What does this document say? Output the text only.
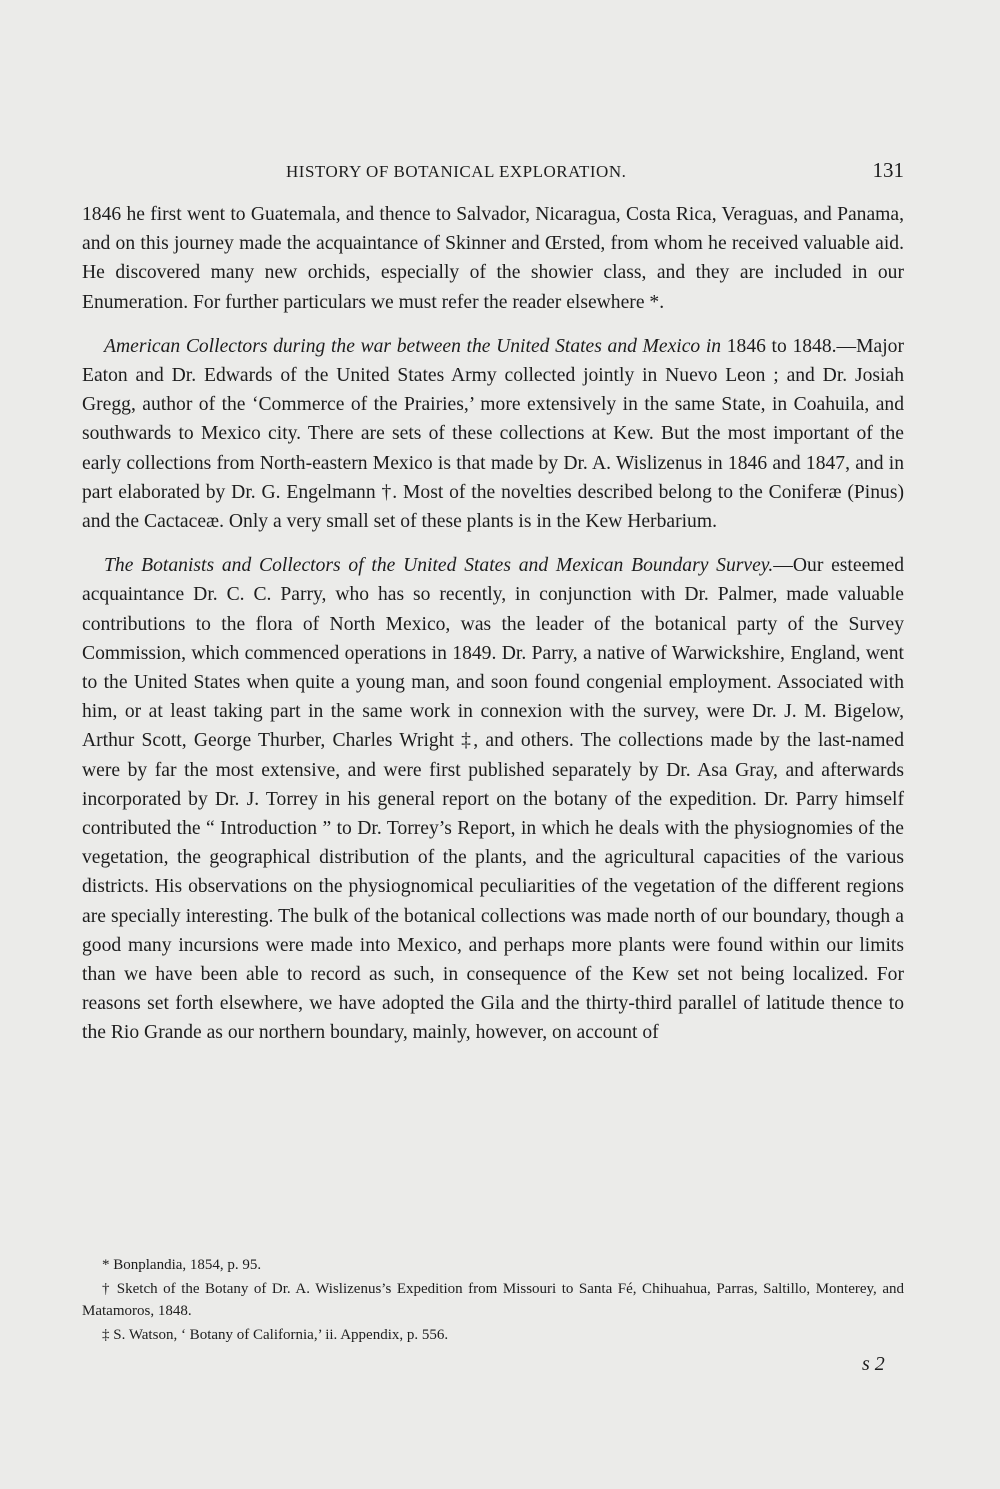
HISTORY OF BOTANICAL EXPLORATION.	131

1846 he first went to Guatemala, and thence to Salvador, Nicaragua, Costa Rica, Veraguas, and Panama, and on this journey made the acquaintance of Skinner and Œrsted, from whom he received valuable aid. He discovered many new orchids, especially of the showier class, and they are included in our Enumeration. For further particulars we must refer the reader elsewhere *.

American Collectors during the war between the United States and Mexico in 1846 to 1848.—Major Eaton and Dr. Edwards of the United States Army collected jointly in Nuevo Leon ; and Dr. Josiah Gregg, author of the ‘Commerce of the Prairies,’ more extensively in the same State, in Coahuila, and southwards to Mexico city. There are sets of these collections at Kew. But the most important of the early collections from North-eastern Mexico is that made by Dr. A. Wislizenus in 1846 and 1847, and in part elaborated by Dr. G. Engelmann †. Most of the novelties described belong to the Coniferæ (Pinus) and the Cactaceæ. Only a very small set of these plants is in the Kew Herbarium.

The Botanists and Collectors of the United States and Mexican Boundary Survey.—Our esteemed acquaintance Dr. C. C. Parry, who has so recently, in conjunction with Dr. Palmer, made valuable contributions to the flora of North Mexico, was the leader of the botanical party of the Survey Commission, which commenced operations in 1849. Dr. Parry, a native of Warwickshire, England, went to the United States when quite a young man, and soon found congenial employment. Associated with him, or at least taking part in the same work in connexion with the survey, were Dr. J. M. Bigelow, Arthur Scott, George Thurber, Charles Wright ‡, and others. The collections made by the last-named were by far the most extensive, and were first published separately by Dr. Asa Gray, and afterwards incorporated by Dr. J. Torrey in his general report on the botany of the expedition. Dr. Parry himself contributed the “ Introduction ” to Dr. Torrey’s Report, in which he deals with the physiognomies of the vegetation, the geographical distribution of the plants, and the agricultural capacities of the various districts. His observations on the physiognomical peculiarities of the vegetation of the different regions are specially interesting. The bulk of the botanical collections was made north of our boundary, though a good many incursions were made into Mexico, and perhaps more plants were found within our limits than we have been able to record as such, in consequence of the Kew set not being localized. For reasons set forth elsewhere, we have adopted the Gila and the thirty-third parallel of latitude thence to the Rio Grande as our northern boundary, mainly, however, on account of

* Bonplandia, 1854, p. 95.

† Sketch of the Botany of Dr. A. Wislizenus’s Expedition from Missouri to Santa Fé, Chihuahua, Parras, Saltillo, Monterey, and Matamoros, 1848.

‡ S. Watson, ‘ Botany of California,’ ii. Appendix, p. 556.

s 2
